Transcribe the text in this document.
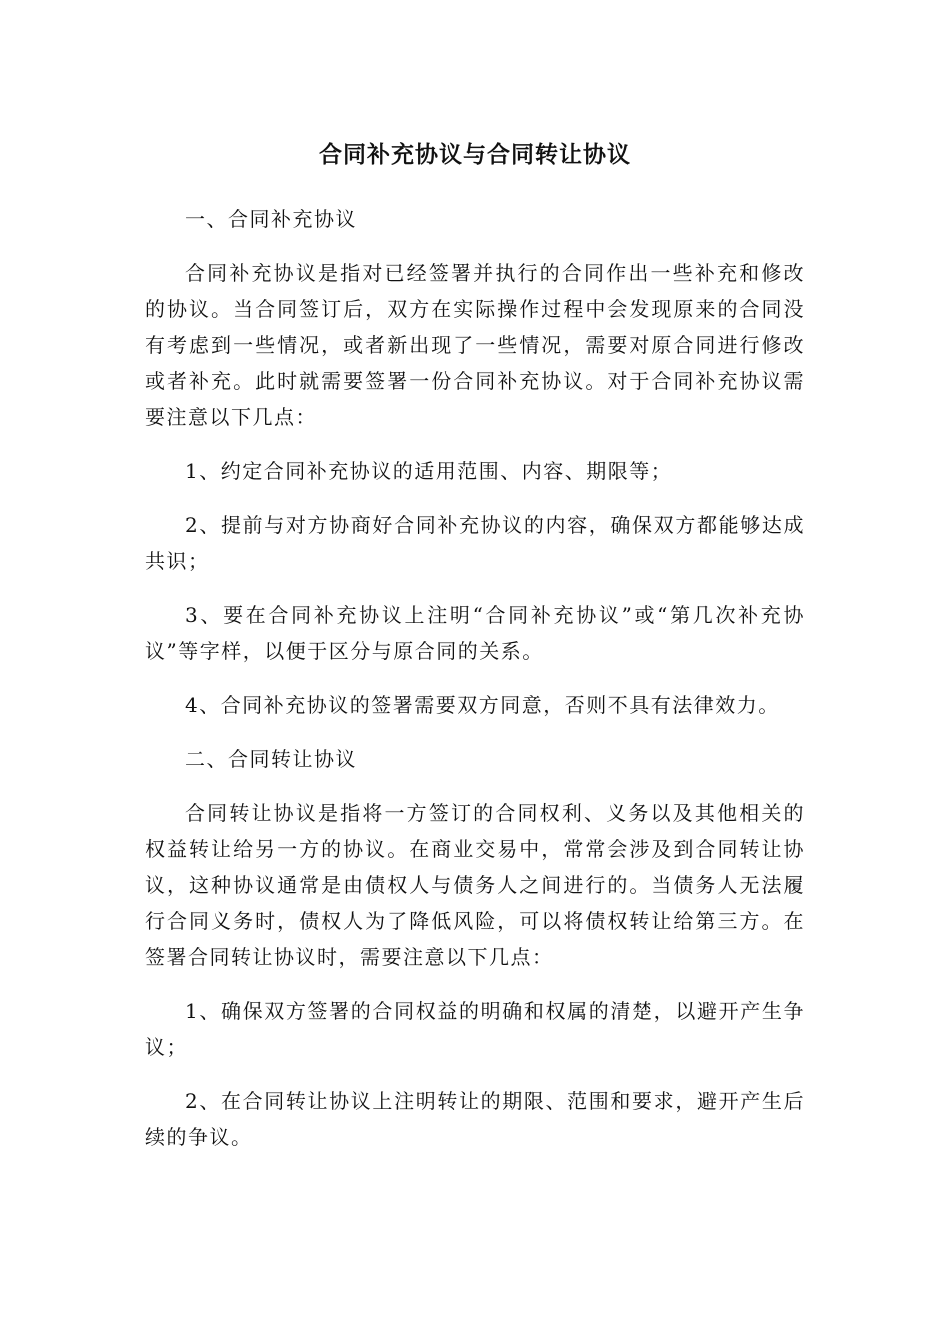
合同补充协议与合同转让协议

一、合同补充协议

合同补充协议是指对已经签署并执行的合同作出一些补充和修改的协议。当合同签订后，双方在实际操作过程中会发现原来的合同没有考虑到一些情况，或者新出现了一些情况，需要对原合同进行修改或者补充。此时就需要签署一份合同补充协议。对于合同补充协议需要注意以下几点：

1、约定合同补充协议的适用范围、内容、期限等；

2、提前与对方协商好合同补充协议的内容，确保双方都能够达成共识；

3、要在合同补充协议上注明“合同补充协议”或“第几次补充协议”等字样，以便于区分与原合同的关系。

4、合同补充协议的签署需要双方同意，否则不具有法律效力。

二、合同转让协议

合同转让协议是指将一方签订的合同权利、义务以及其他相关的权益转让给另一方的协议。在商业交易中，常常会涉及到合同转让协议，这种协议通常是由债权人与债务人之间进行的。当债务人无法履行合同义务时，债权人为了降低风险，可以将债权转让给第三方。在签署合同转让协议时，需要注意以下几点：

1、确保双方签署的合同权益的明确和权属的清楚，以避开产生争议；

2、在合同转让协议上注明转让的期限、范围和要求，避开产生后续的争议。
